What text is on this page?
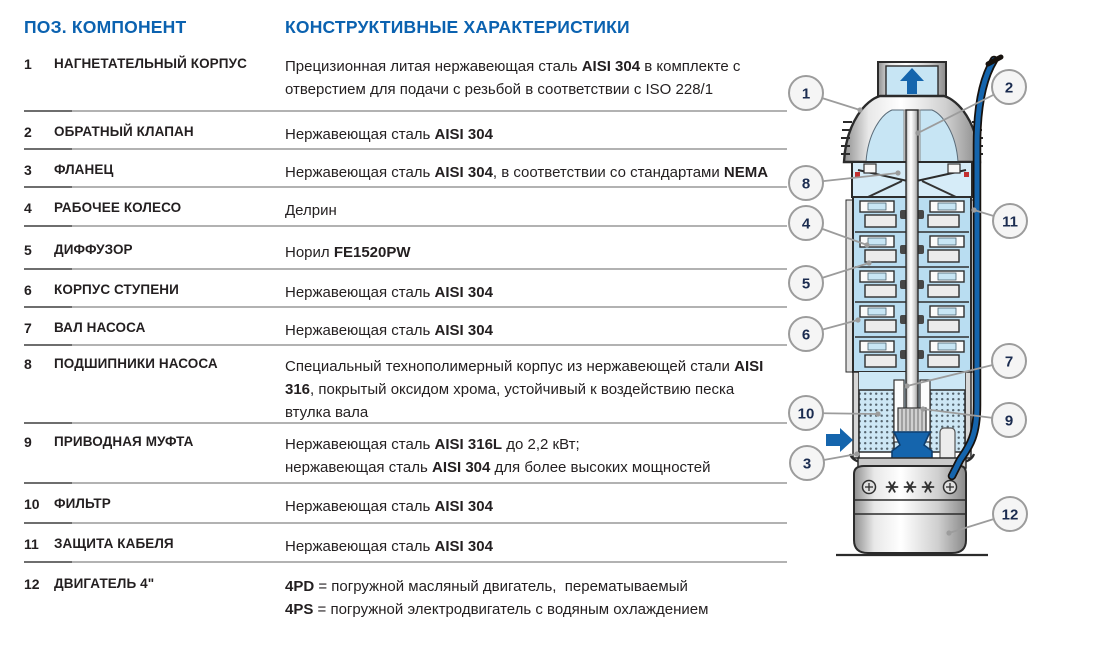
ПОЗ. КОМПОНЕНТ	КОНСТРУКТИВНЫЕ ХАРАКТЕРИСТИКИ
1	НАГНЕТАТЕЛЬНЫЙ КОРПУС	Прецизионная литая нержавеющая сталь AISI 304 в комплекте с
отверстием для подачи с резьбой в соответствии с ISO 228/1
2	ОБРАТНЫЙ КЛАПАН	Нержавеющая сталь AISI 304
3	ФЛАНЕЦ	Нержавеющая сталь AISI 304, в соответствии со стандартами NEMA
4	РАБОЧЕЕ КОЛЕСО	Делрин
5	ДИФФУЗОР	Норил FE1520PW
6	КОРПУС СТУПЕНИ	Нержавеющая сталь AISI 304
7	ВАЛ НАСОСА	Нержавеющая сталь AISI 304
8	ПОДШИПНИКИ НАСОСА	Специальный технополимерный корпус из нержавеющей стали AISI
316, покрытый оксидом хрома, устойчивый к воздействию песка
втулка вала
9	ПРИВОДНАЯ МУФТА	Нержавеющая сталь AISI 316L до 2,2 кВт;
нержавеющая сталь AISI 304 для более высоких мощностей
10	ФИЛЬТР	Нержавеющая сталь AISI 304
11	ЗАЩИТА КАБЕЛЯ	Нержавеющая сталь AISI 304
12	ДВИГАТЕЛЬ 4"	4PD = погружной масляный двигатель,  перематываемый
4PS = погружной электродвигатель с водяным охлаждением
1	2
8
4	11
5
6
7
10	9
3
12
